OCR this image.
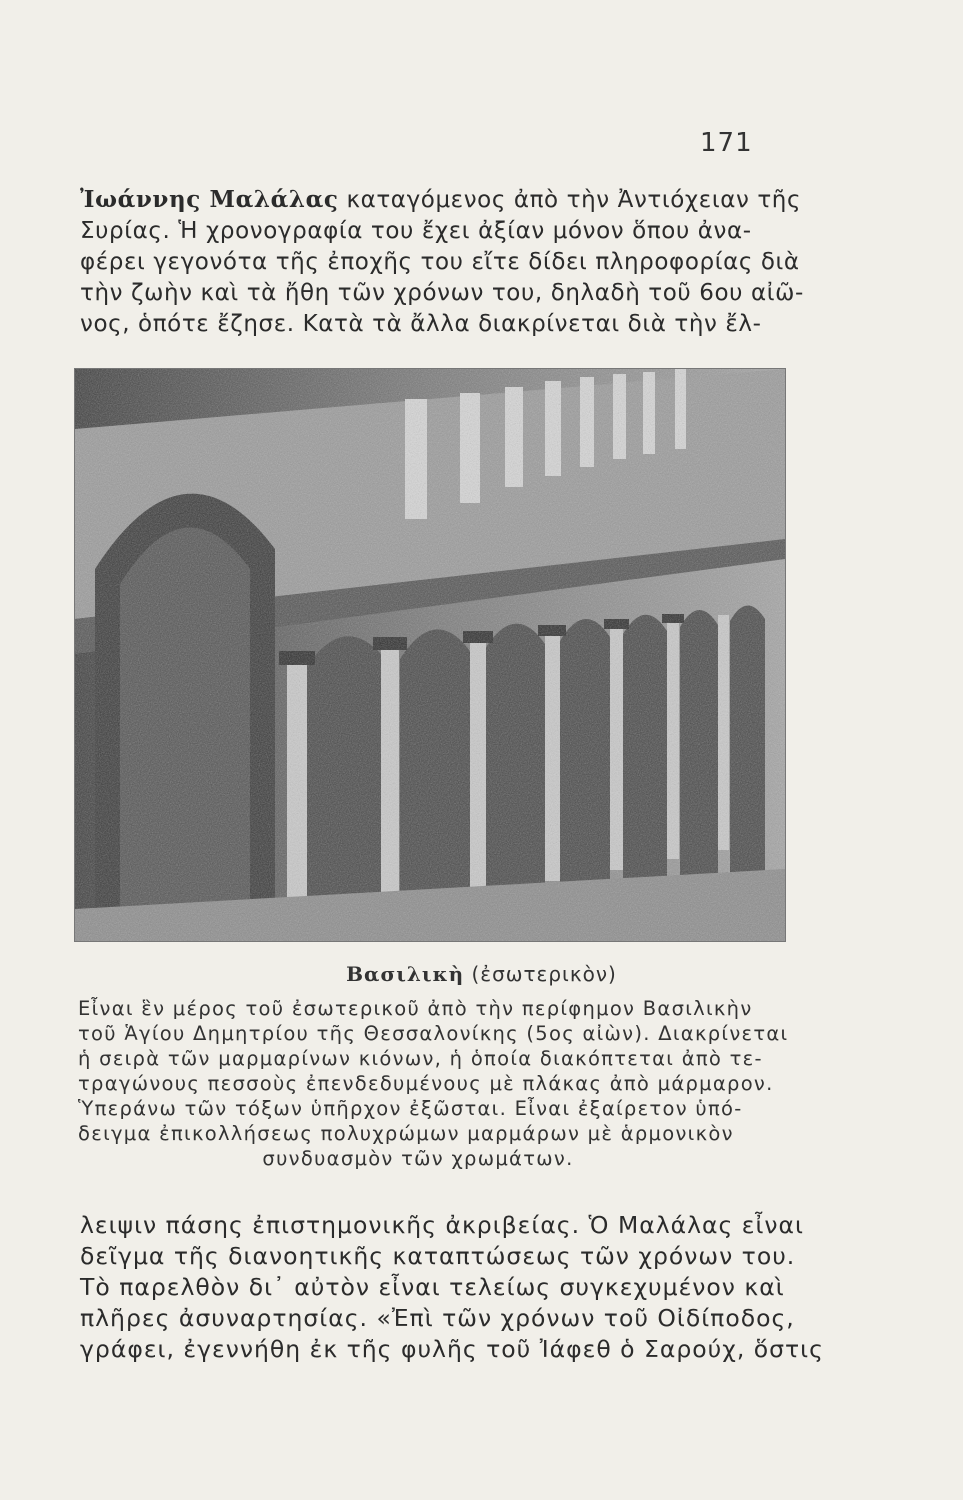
171
Ἰωάννης Μαλάλας καταγόμενος ἀπὸ τὴν Ἀντιόχειαν τῆς
Συρίας. Ἡ χρονογραφία του ἔχει ἀξίαν μόνον ὅπου ἀνα-
φέρει γεγονότα τῆς ἐποχῆς του εἴτε δίδει πληροφορίας διὰ
τὴν ζωὴν καὶ τὰ ἤθη τῶν χρόνων του, δηλαδὴ τοῦ 6ου αἰῶ-
νος, ὁπότε ἔζησε. Κατὰ τὰ ἄλλα διακρίνεται διὰ τὴν ἔλ-
Βασιλικὴ (ἐσωτερικὸν)
Εἶναι ἓν μέρος τοῦ ἐσωτερικοῦ ἀπὸ τὴν περίφημον Βασιλικὴν
τοῦ Ἁγίου Δημητρίου τῆς Θεσσαλονίκης (5ος αἰὼν). Διακρίνεται
ἡ σειρὰ τῶν μαρμαρίνων κιόνων, ἡ ὁποία διακόπτεται ἀπὸ τε-
τραγώνους πεσσοὺς ἐπενδεδυμένους μὲ πλάκας ἀπὸ μάρμαρον.
Ὑπεράνω τῶν τόξων ὑπῆρχον ἐξῶσται. Εἶναι ἐξαίρετον ὑπό-
δειγμα ἐπικολλήσεως πολυχρώμων μαρμάρων μὲ ἁρμονικὸν
συνδυασμὸν τῶν χρωμάτων.
λειψιν πάσης ἐπιστημονικῆς ἀκριβείας. Ὁ Μαλάλας εἶναι
δεῖγμα τῆς διανοητικῆς καταπτώσεως τῶν χρόνων του.
Τὸ παρελθὸν δι᾽ αὐτὸν εἶναι τελείως συγκεχυμένον καὶ
πλῆρες ἀσυναρτησίας. «Ἐπὶ τῶν χρόνων τοῦ Οἰδίποδος,
γράφει, ἐγεννήθη ἐκ τῆς φυλῆς τοῦ Ἰάφεθ ὁ Σαρούχ, ὅστις
